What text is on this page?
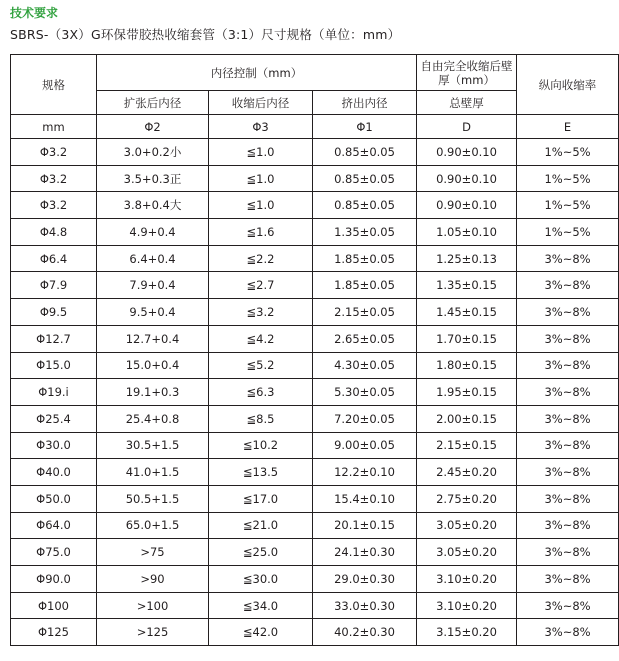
技术要求
SBRS-（3X）G环保带胶热收缩套管（3:1）尺寸规格（单位：mm）
规格	内径控制（mm）			自由完全收缩后壁厚（mm）	纵向收缩率
	扩张后内径	收缩后内径	挤出内径	总壁厚	
mm	Φ2	Φ3	Φ1	D	E
Φ3.2	3.0+0.2小	≦1.0	0.85±0.05	0.90±0.10	1%~5%
Φ3.2	3.5+0.3正	≦1.0	0.85±0.05	0.90±0.10	1%~5%
Φ3.2	3.8+0.4大	≦1.0	0.85±0.05	0.90±0.10	1%~5%
Φ4.8	4.9+0.4	≦1.6	1.35±0.05	1.05±0.10	1%~5%
Φ6.4	6.4+0.4	≦2.2	1.85±0.05	1.25±0.13	3%~8%
Φ7.9	7.9+0.4	≦2.7	1.85±0.05	1.35±0.15	3%~8%
Φ9.5	9.5+0.4	≦3.2	2.15±0.05	1.45±0.15	3%~8%
Φ12.7	12.7+0.4	≦4.2	2.65±0.05	1.70±0.15	3%~8%
Φ15.0	15.0+0.4	≦5.2	4.30±0.05	1.80±0.15	3%~8%
Φ19.i	19.1+0.3	≦6.3	5.30±0.05	1.95±0.15	3%~8%
Φ25.4	25.4+0.8	≦8.5	7.20±0.05	2.00±0.15	3%~8%
Φ30.0	30.5+1.5	≦10.2	9.00±0.05	2.15±0.15	3%~8%
Φ40.0	41.0+1.5	≦13.5	12.2±0.10	2.45±0.20	3%~8%
Φ50.0	50.5+1.5	≦17.0	15.4±0.10	2.75±0.20	3%~8%
Φ64.0	65.0+1.5	≦21.0	20.1±0.15	3.05±0.20	3%~8%
Φ75.0	>75	≦25.0	24.1±0.30	3.05±0.20	3%~8%
Φ90.0	>90	≦30.0	29.0±0.30	3.10±0.20	3%~8%
Φ100	>100	≦34.0	33.0±0.30	3.10±0.20	3%~8%
Φ125	>125	≦42.0	40.2±0.30	3.15±0.20	3%~8%
